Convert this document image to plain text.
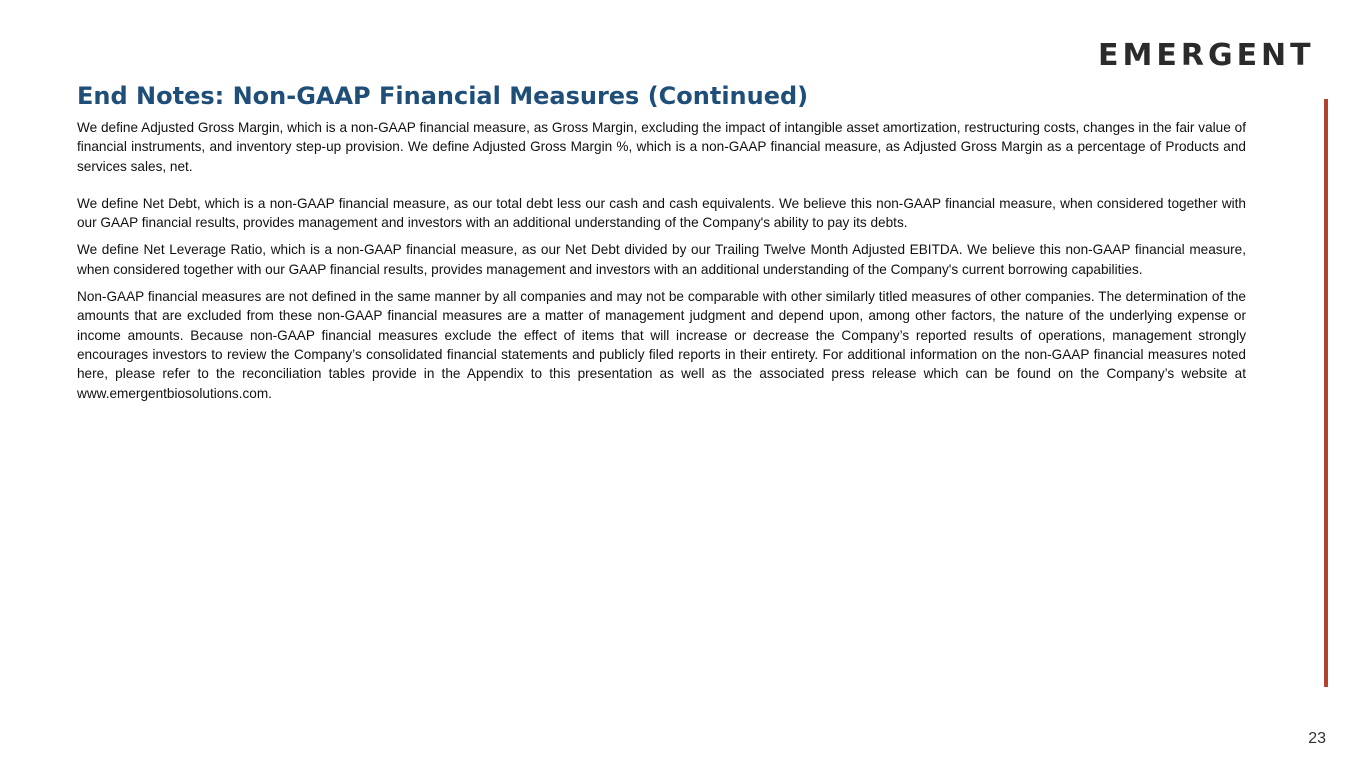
EMERGENT
End Notes: Non-GAAP Financial Measures (Continued)

We define Adjusted Gross Margin, which is a non-GAAP financial measure, as Gross Margin, excluding the impact of intangible asset amortization, restructuring costs, changes in the fair value of financial instruments, and inventory step-up provision. We define Adjusted Gross Margin %, which is a non-GAAP financial measure, as Adjusted Gross Margin as a percentage of Products and services sales, net.

We define Net Debt, which is a non-GAAP financial measure, as our total debt less our cash and cash equivalents. We believe this non-GAAP financial measure, when considered together with our GAAP financial results, provides management and investors with an additional understanding of the Company's ability to pay its debts.

We define Net Leverage Ratio, which is a non-GAAP financial measure, as our Net Debt divided by our Trailing Twelve Month Adjusted EBITDA. We believe this non-GAAP financial measure, when considered together with our GAAP financial results, provides management and investors with an additional understanding of the Company's current borrowing capabilities.

Non-GAAP financial measures are not defined in the same manner by all companies and may not be comparable with other similarly titled measures of other companies. The determination of the amounts that are excluded from these non-GAAP financial measures are a matter of management judgment and depend upon, among other factors, the nature of the underlying expense or income amounts. Because non-GAAP financial measures exclude the effect of items that will increase or decrease the Company’s reported results of operations, management strongly encourages investors to review the Company’s consolidated financial statements and publicly filed reports in their entirety. For additional information on the non-GAAP financial measures noted here, please refer to the reconciliation tables provide in the Appendix to this presentation as well as the associated press release which can be found on the Company’s website at www.emergentbiosolutions.com.

23
